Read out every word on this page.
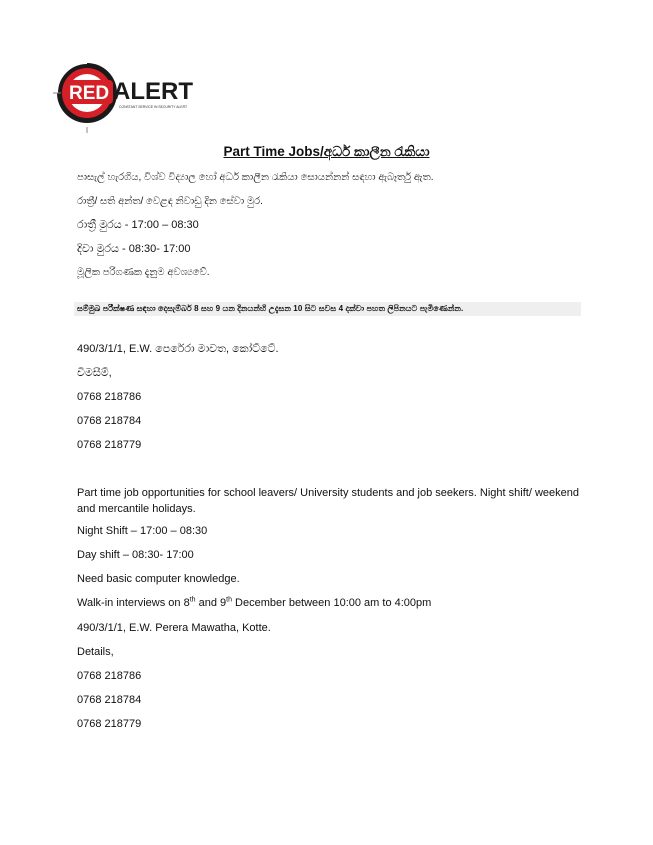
RED ALERT
CONSTANT SERVICE IN SECURITY ALERT
Part Time Jobs/අර්ධ කාලීන රැකියා
පාසැල් හැරගිය, විශ්ව විද්‍යාල හෝ අර්ධ කාලීන රැකියා සොයන්නන් සඳහා ඇබෑර්තු ඇත.
රාත්‍රී/ සති අන්ත/ වෙළඳ නිවාඩු දින සේවා මුර.
රාත්‍රී මුරය - 17:00 – 08:30
දිවා මුරය - 08:30- 17:00
මූලික පරිගණක දැනුම අවශ්‍යවේ.
සම්මුඛ පරීක්ෂණ සඳහා දෙසැම්බර් 8 සහ 9 යන දිනයන්හි උදැසන 10 සිට සවස 4 දක්වා පහත ලිපිනයට පැමිණෙන්න.
490/3/1/1, E.W. පෙරේරා මාවත, කෝට්ටේ.
විමසීම්,
0768 218786
0768 218784
0768 218779
Part time job opportunities for school leavers/ University students and job seekers. Night shift/ weekend and mercantile holidays.
Night Shift – 17:00 – 08:30
Day shift – 08:30- 17:00
Need basic computer knowledge.
Walk-in interviews on 8th and 9th December between 10:00 am to 4:00pm
490/3/1/1, E.W. Perera Mawatha, Kotte.
Details,
0768 218786
0768 218784
0768 218779
